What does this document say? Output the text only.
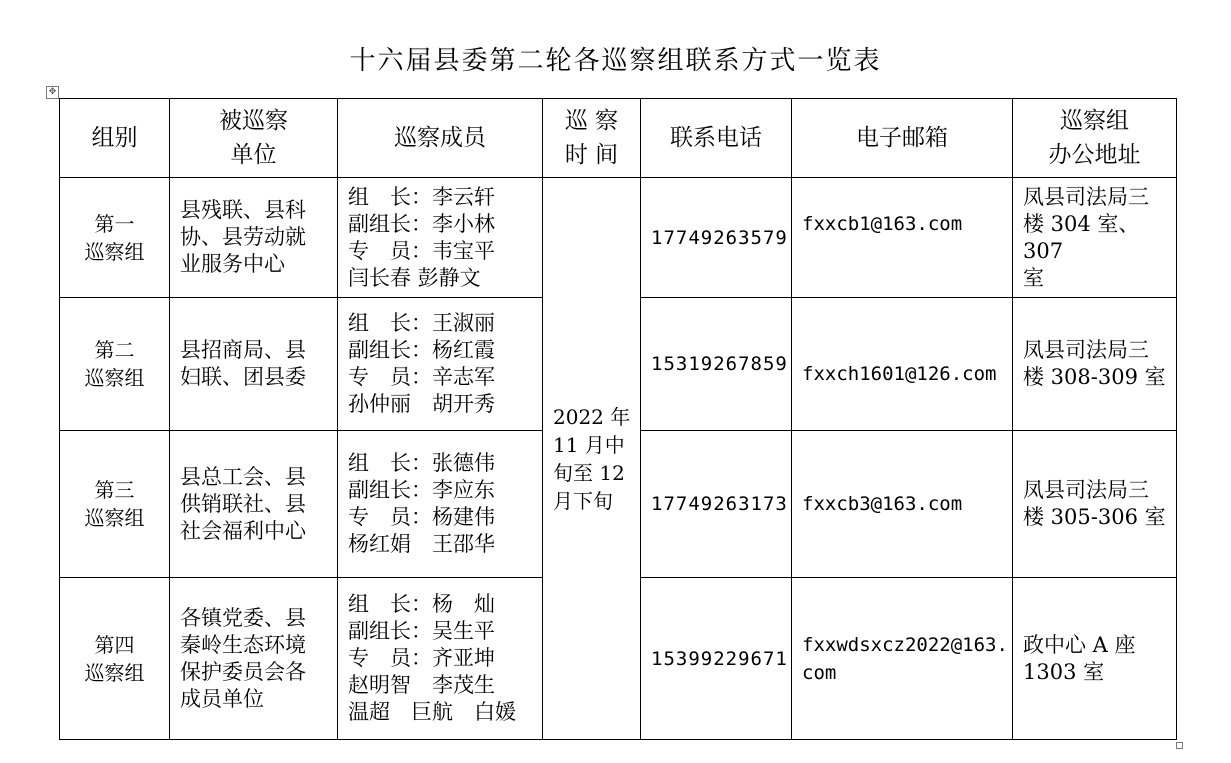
十六届县委第二轮各巡察组联系方式一览表
✥
组别	被巡察
单位	巡察成员	巡 察
时 间	联系电话	电子邮箱	巡察组
办公地址

第一
巡察组	县残联、县科
协、县劳动就
业服务中心	组　长：李云轩
副组长：李小林
专　员：韦宝平
闫长春 彭静文	2022 年
11 月中
旬至 12
月下旬	17749263579	fxxcb1@163.com	凤县司法局三
楼 304 室、307
室

第二
巡察组	县招商局、县
妇联、团县委	组　长：王淑丽
副组长：杨红霞
专　员：辛志军
孙仲丽　胡开秀		15319267859	fxxch1601@126.com	凤县司法局三
楼 308-309 室

第三
巡察组	县总工会、县
供销联社、县
社会福利中心	组　长：张德伟
副组长：李应东
专　员：杨建伟
杨红娟　王邵华		17749263173	fxxcb3@163.com	凤县司法局三
楼 305-306 室

第四
巡察组	各镇党委、县
秦岭生态环境
保护委员会各
成员单位	组　长：杨　灿
副组长：吴生平
专　员：齐亚坤
赵明智　李茂生
温超　巨航　白媛		15399229671	fxxwdsxcz2022@163.com	政中心 A 座
1303 室
